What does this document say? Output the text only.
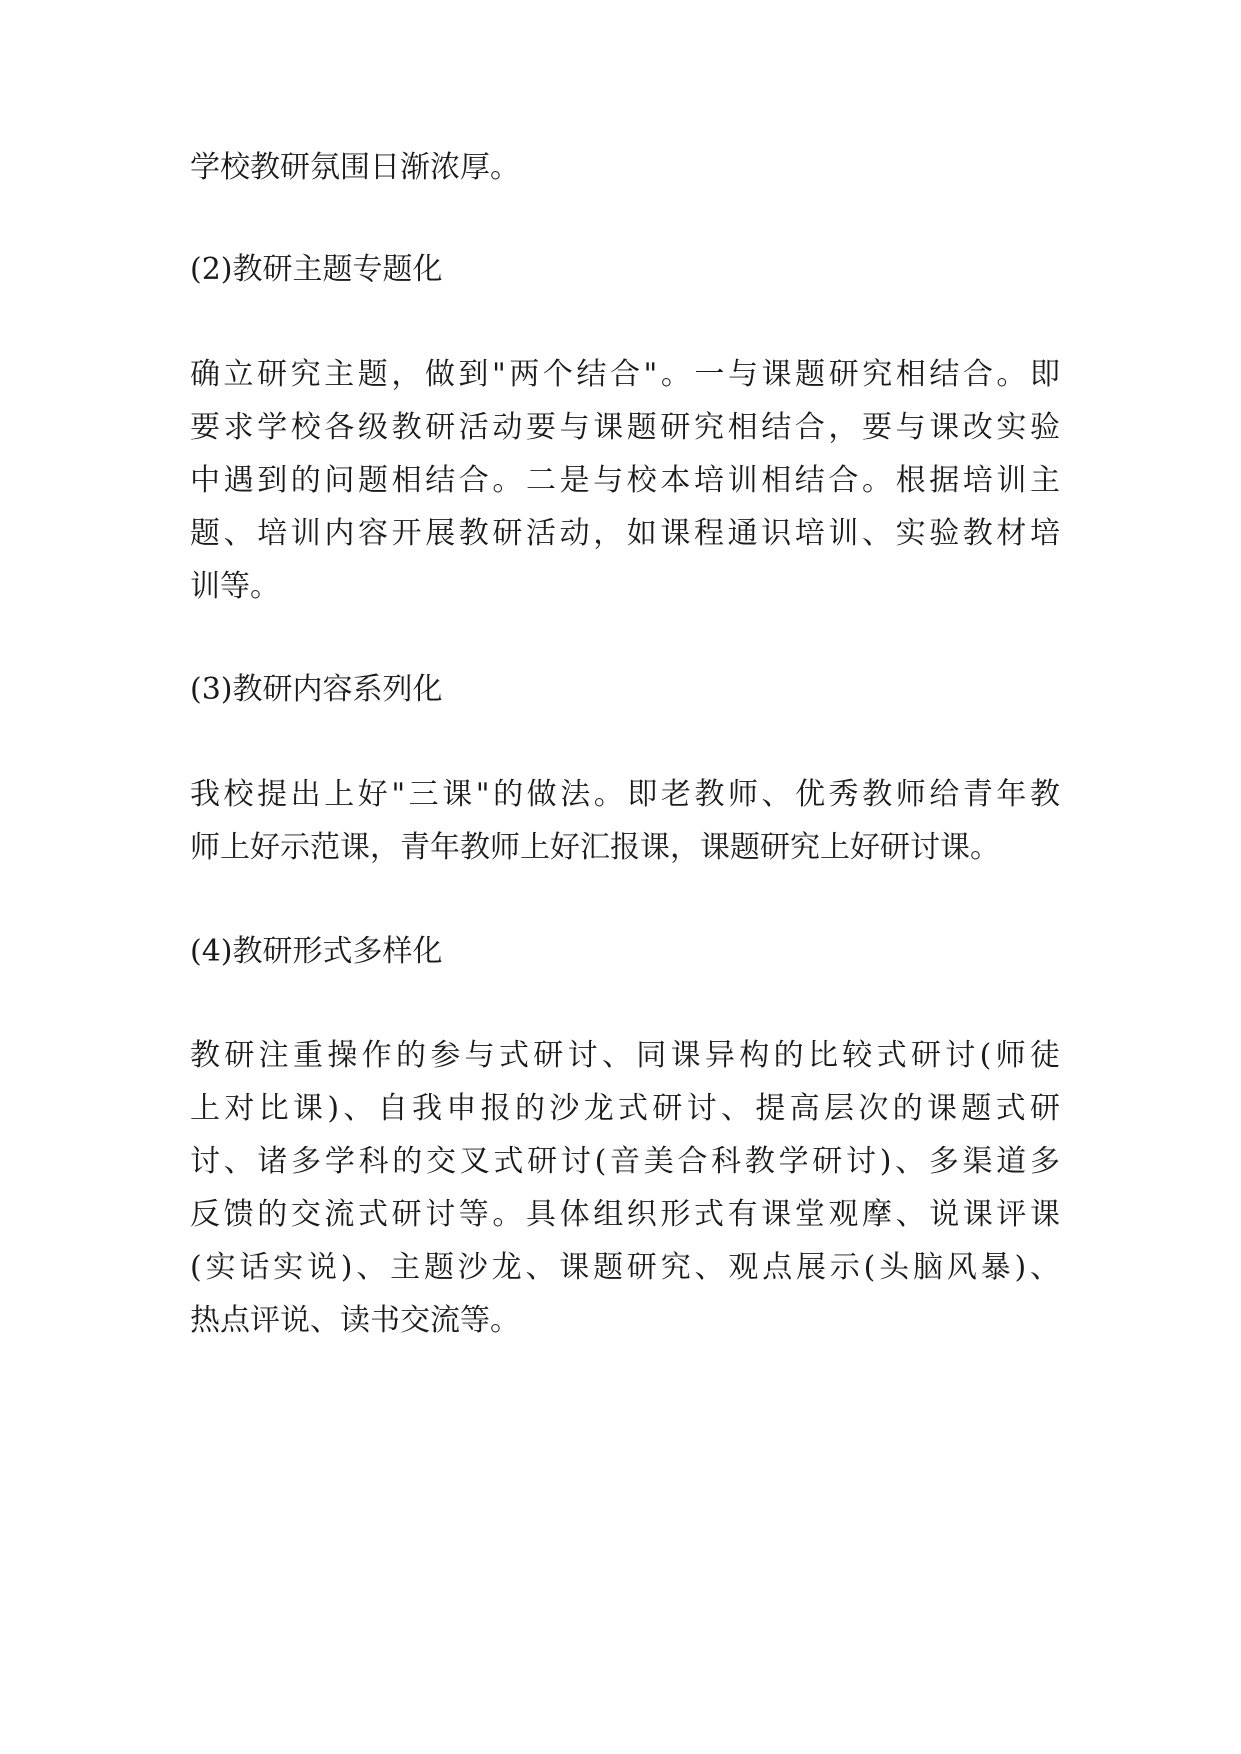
学校教研氛围日渐浓厚。
(2)教研主题专题化
确立研究主题，做到"两个结合"。一与课题研究相结合。即
要求学校各级教研活动要与课题研究相结合，要与课改实验
中遇到的问题相结合。二是与校本培训相结合。根据培训主
题、培训内容开展教研活动，如课程通识培训、实验教材培
训等。
(3)教研内容系列化
我校提出上好"三课"的做法。即老教师、优秀教师给青年教
师上好示范课，青年教师上好汇报课，课题研究上好研讨课。
(4)教研形式多样化
教研注重操作的参与式研讨、同课异构的比较式研讨(师徒
上对比课)、自我申报的沙龙式研讨、提高层次的课题式研
讨、诸多学科的交叉式研讨(音美合科教学研讨)、多渠道多
反馈的交流式研讨等。具体组织形式有课堂观摩、说课评课
(实话实说)、主题沙龙、课题研究、观点展示(头脑风暴)、
热点评说、读书交流等。
